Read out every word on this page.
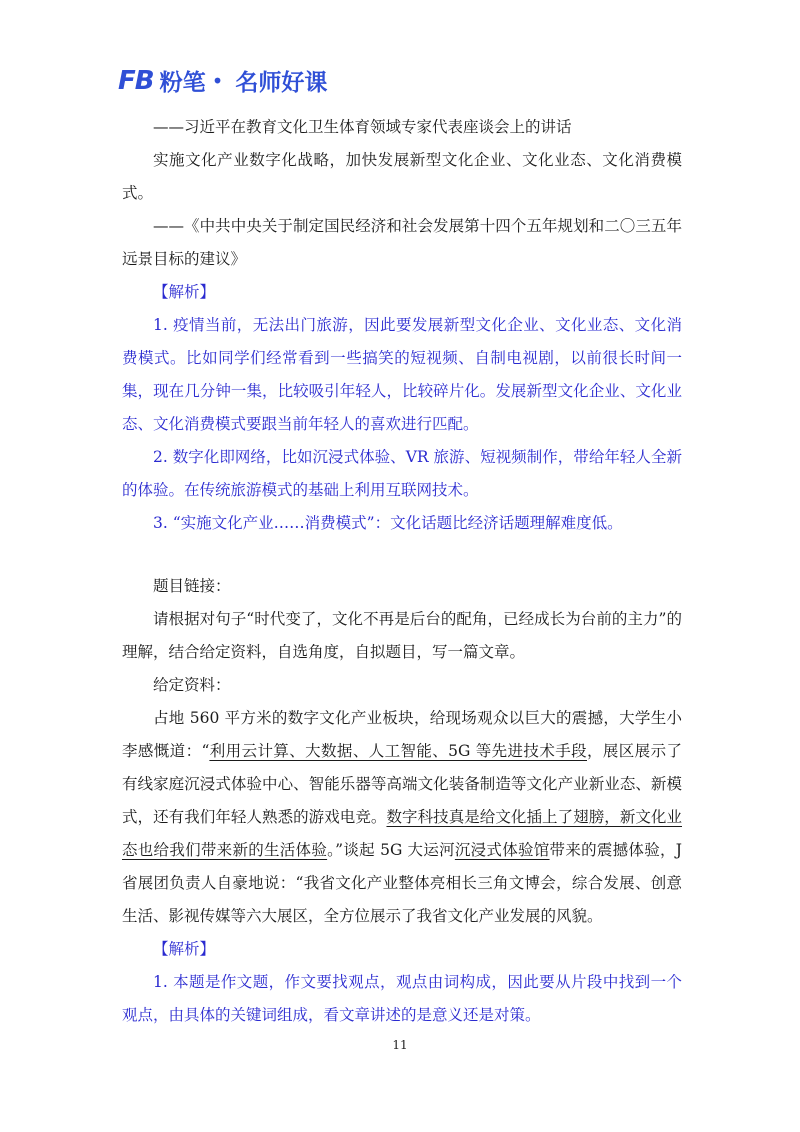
FB 粉笔 • 名师好课

——习近平在教育文化卫生体育领域专家代表座谈会上的讲话

实施文化产业数字化战略，加快发展新型文化企业、文化业态、文化消费模式。

——《中共中央关于制定国民经济和社会发展第十四个五年规划和二〇三五年远景目标的建议》

【解析】

1. 疫情当前，无法出门旅游，因此要发展新型文化企业、文化业态、文化消费模式。比如同学们经常看到一些搞笑的短视频、自制电视剧，以前很长时间一集，现在几分钟一集，比较吸引年轻人，比较碎片化。发展新型文化企业、文化业态、文化消费模式要跟当前年轻人的喜欢进行匹配。

2. 数字化即网络，比如沉浸式体验、VR 旅游、短视频制作，带给年轻人全新的体验。在传统旅游模式的基础上利用互联网技术。

3. “实施文化产业……消费模式”：文化话题比经济话题理解难度低。

题目链接：

请根据对句子“时代变了，文化不再是后台的配角，已经成长为台前的主力”的理解，结合给定资料，自选角度，自拟题目，写一篇文章。

给定资料：

占地 560 平方米的数字文化产业板块，给现场观众以巨大的震撼，大学生小李感慨道：“利用云计算、大数据、人工智能、5G 等先进技术手段，展区展示了有线家庭沉浸式体验中心、智能乐器等高端文化装备制造等文化产业新业态、新模式，还有我们年轻人熟悉的游戏电竞。数字科技真是给文化插上了翅膀，新文化业态也给我们带来新的生活体验。”谈起 5G 大运河沉浸式体验馆带来的震撼体验，J 省展团负责人自豪地说：“我省文化产业整体亮相长三角文博会，综合发展、创意生活、影视传媒等六大展区，全方位展示了我省文化产业发展的风貌。

【解析】

1. 本题是作文题，作文要找观点，观点由词构成，因此要从片段中找到一个观点，由具体的关键词组成，看文章讲述的是意义还是对策。

11
